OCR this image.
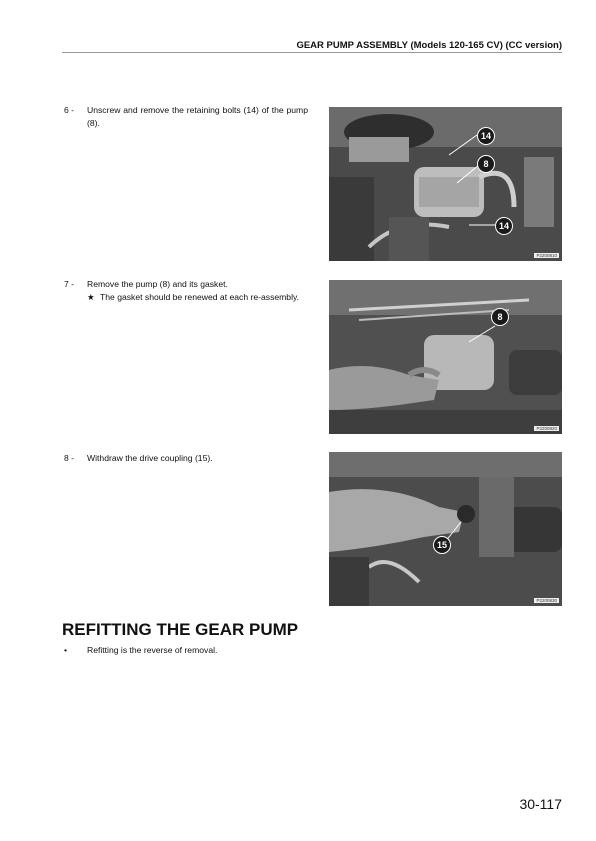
GEAR PUMP ASSEMBLY (Models 120-165 CV) (CC version)
6 - Unscrew and remove the retaining bolts (14) of the pump (8).
14
8
14
P2200810
7 - Remove the pump (8) and its gasket.
★ The gasket should be renewed at each re-assembly.
8
P2200820
8 - Withdraw the drive coupling (15).
15
P2200830
REFITTING THE GEAR PUMP
• Refitting is the reverse of removal.
30-117
